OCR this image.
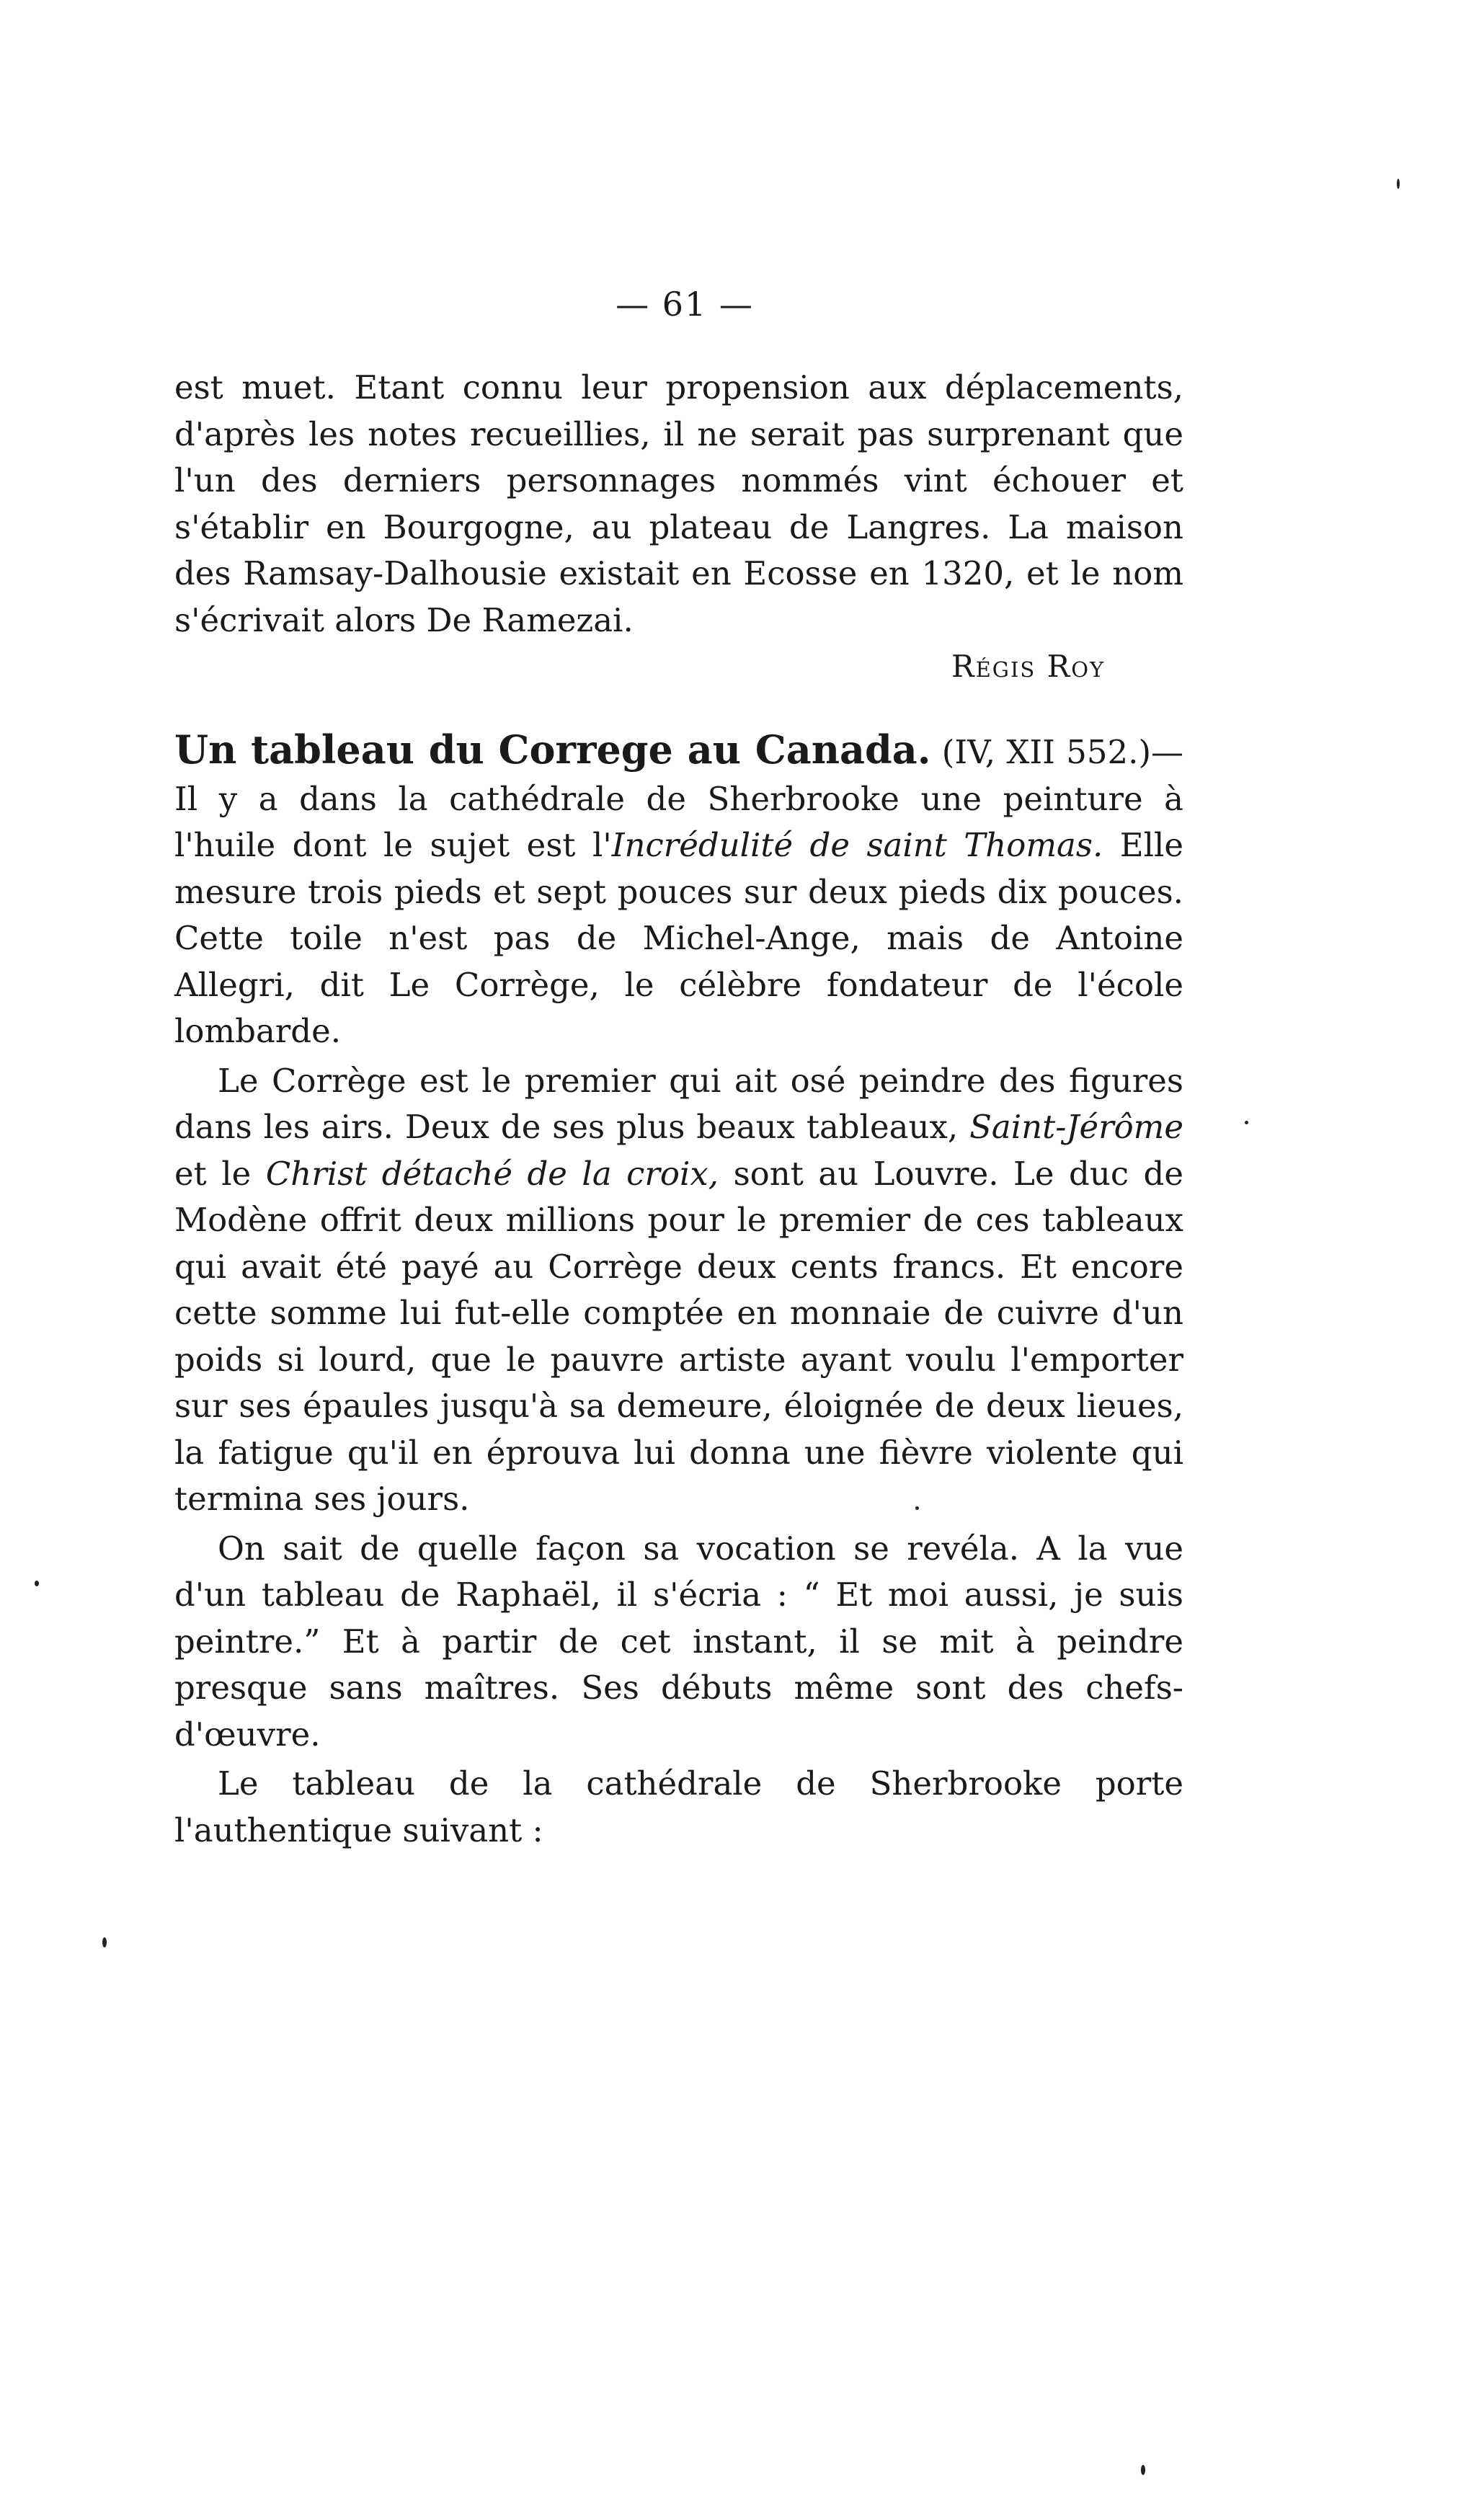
— 61 —

est muet. Etant connu leur propension aux déplacements, d'après les notes recueillies, il ne serait pas surprenant que l'un des derniers personnages nommés vint échouer et s'établir en Bourgogne, au plateau de Langres. La maison des Ramsay-Dalhousie existait en Ecosse en 1320, et le nom s'écrivait alors De Ramezai.

Régis Roy

Un tableau du Correge au Canada. (IV, XII 552.)—Il y a dans la cathédrale de Sherbrooke une peinture à l'huile dont le sujet est l'Incrédulité de saint Thomas. Elle mesure trois pieds et sept pouces sur deux pieds dix pouces. Cette toile n'est pas de Michel-Ange, mais de Antoine Allegri, dit Le Corrège, le célèbre fondateur de l'école lombarde.

Le Corrège est le premier qui ait osé peindre des figures dans les airs. Deux de ses plus beaux tableaux, Saint-Jérôme et le Christ détaché de la croix, sont au Louvre. Le duc de Modène offrit deux millions pour le premier de ces tableaux qui avait été payé au Corrège deux cents francs. Et encore cette somme lui fut-elle comptée en monnaie de cuivre d'un poids si lourd, que le pauvre artiste ayant voulu l'emporter sur ses épaules jusqu'à sa demeure, éloignée de deux lieues, la fatigue qu'il en éprouva lui donna une fièvre violente qui termina ses jours.

On sait de quelle façon sa vocation se revéla. A la vue d'un tableau de Raphaël, il s'écria : “ Et moi aussi, je suis peintre.” Et à partir de cet instant, il se mit à peindre presque sans maîtres. Ses débuts même sont des chefs-d'œuvre.

Le tableau de la cathédrale de Sherbrooke porte l'authentique suivant :
